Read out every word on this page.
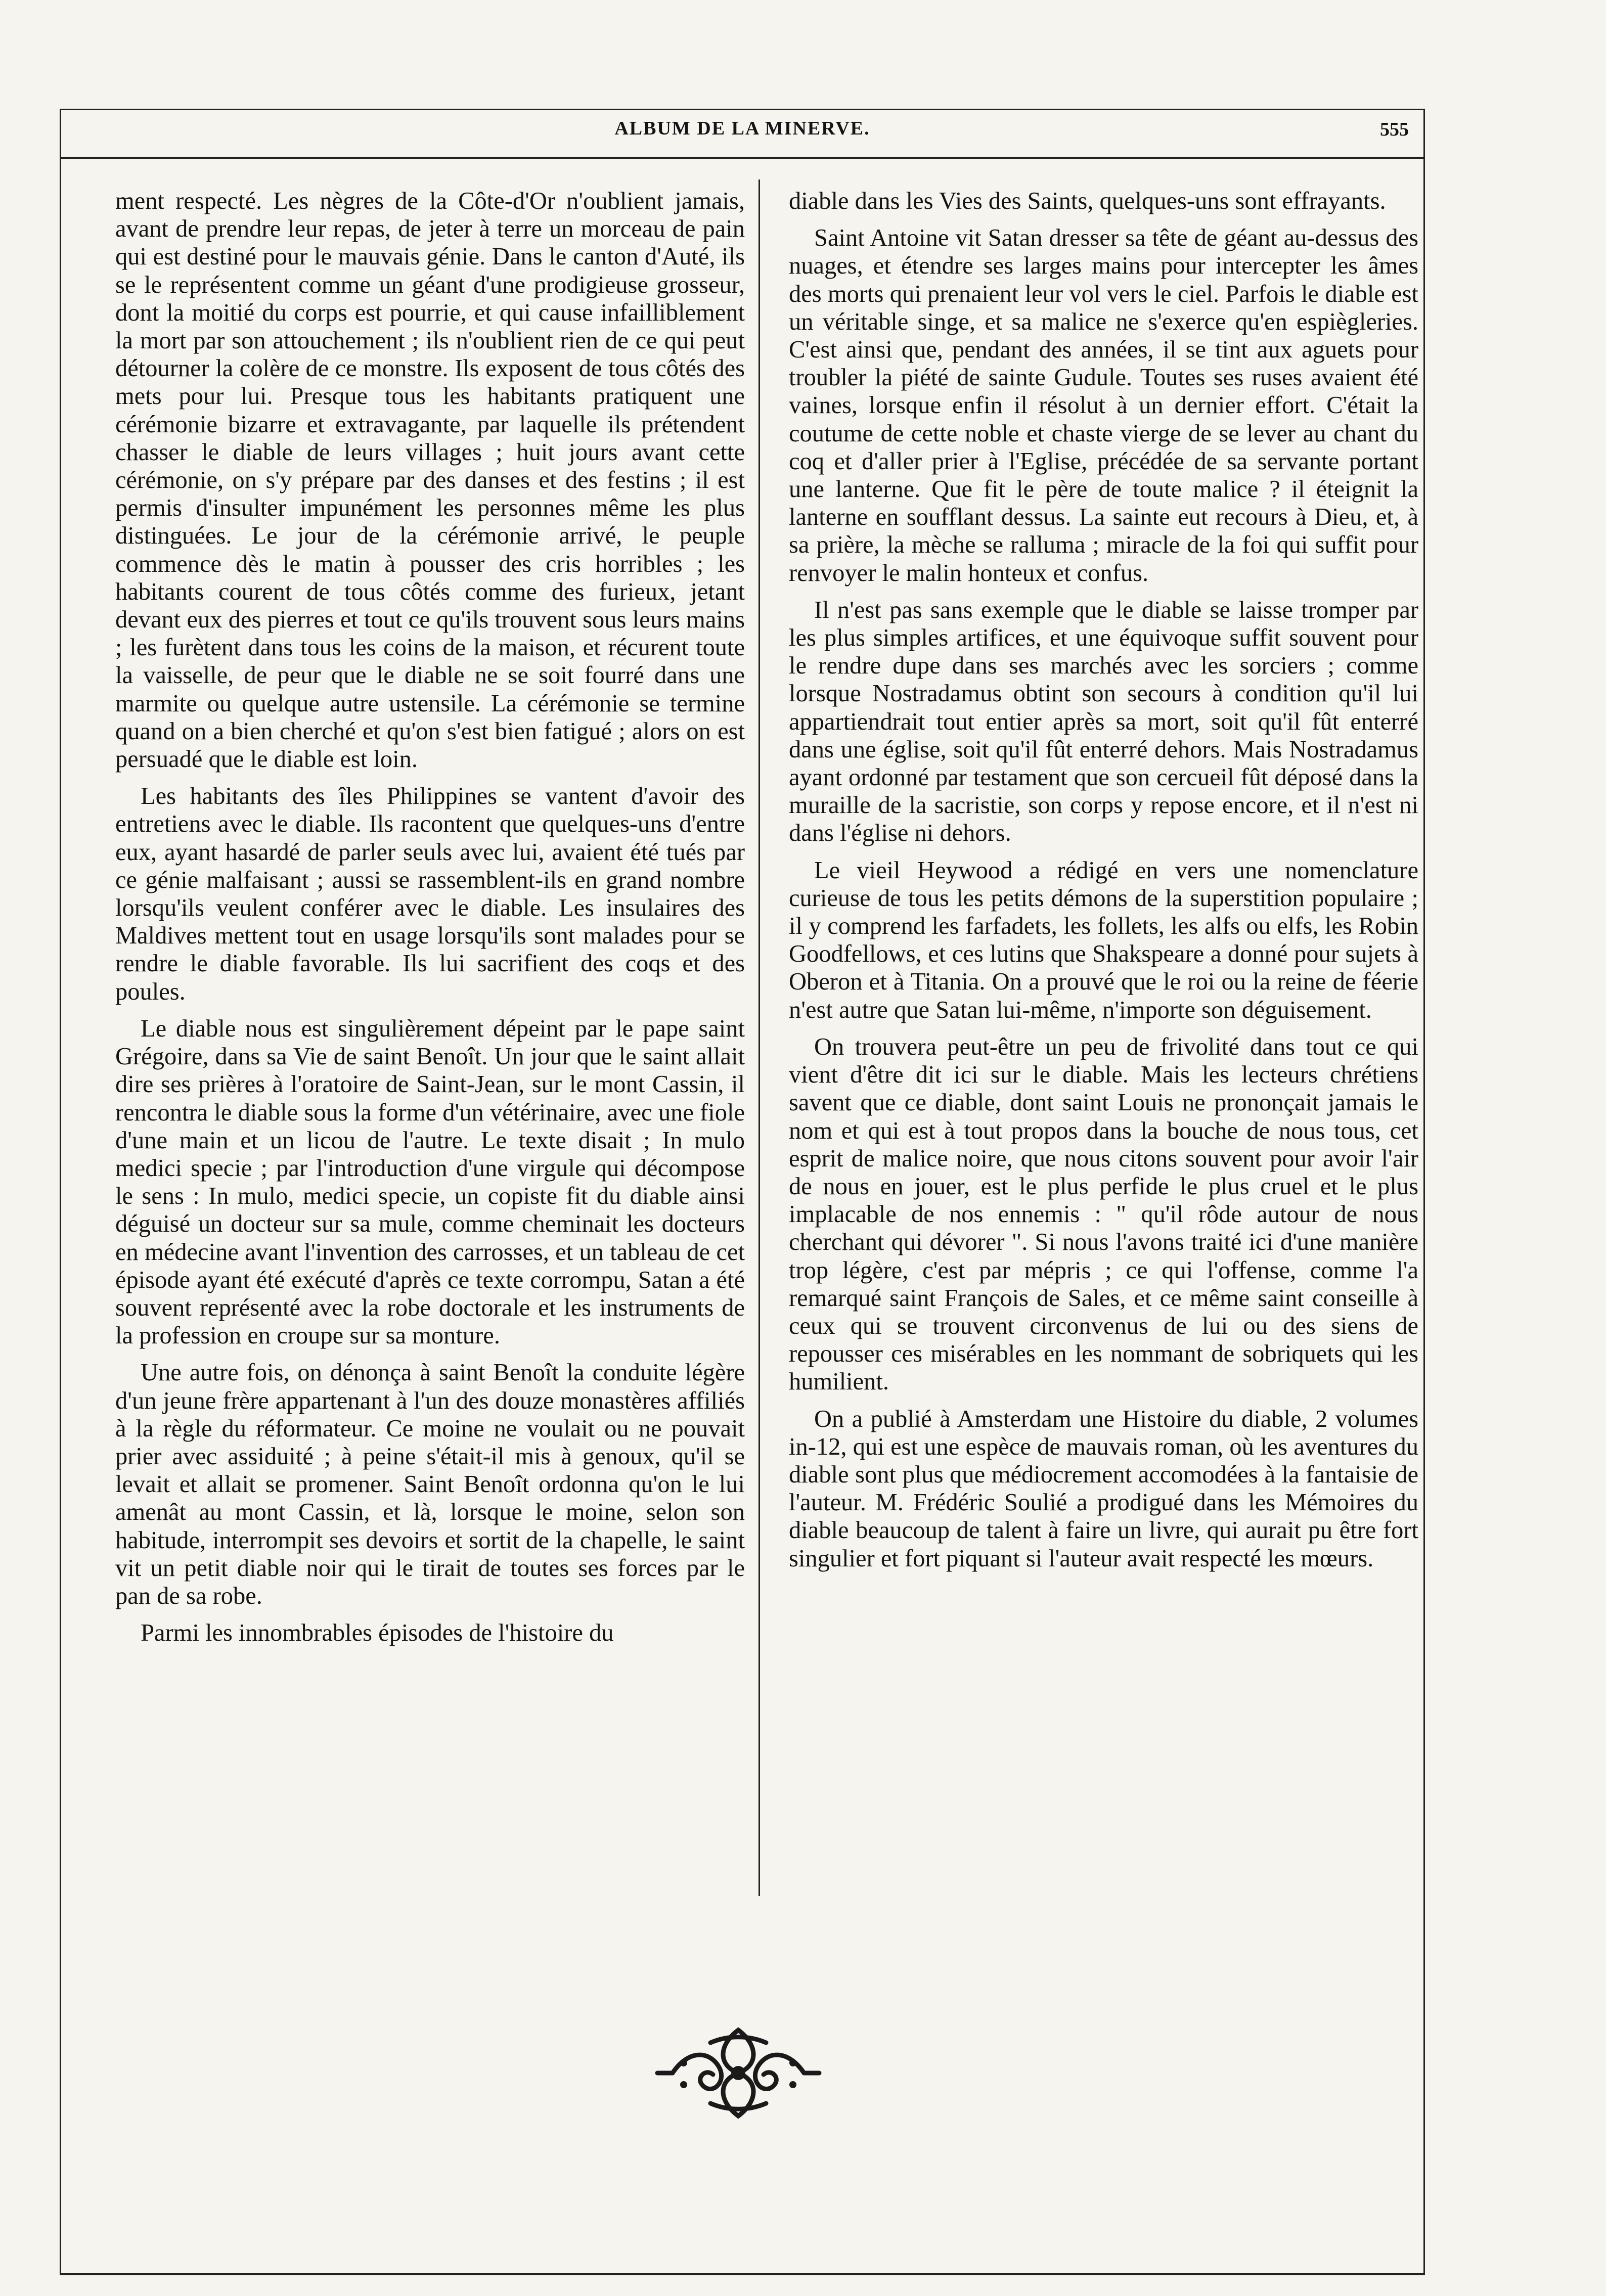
ALBUM DE LA MINERVE.	555

ment respecté. Les nègres de la Côte-d'Or n'oublient jamais, avant de prendre leur repas, de jeter à terre un morceau de pain qui est destiné pour le mauvais génie. Dans le canton d'Auté, ils se le représentent comme un géant d'une prodigieuse grosseur, dont la moitié du corps est pourrie, et qui cause infailliblement la mort par son attouchement ; ils n'oublient rien de ce qui peut détourner la colère de ce monstre. Ils exposent de tous côtés des mets pour lui. Presque tous les habitants pratiquent une cérémonie bizarre et extravagante, par laquelle ils prétendent chasser le diable de leurs villages ; huit jours avant cette cérémonie, on s'y prépare par des danses et des festins ; il est permis d'insulter impunément les personnes même les plus distinguées. Le jour de la cérémonie arrivé, le peuple commence dès le matin à pousser des cris horribles ; les habitants courent de tous côtés comme des furieux, jetant devant eux des pierres et tout ce qu'ils trouvent sous leurs mains ; les furètent dans tous les coins de la maison, et récurent toute la vaisselle, de peur que le diable ne se soit fourré dans une marmite ou quelque autre ustensile. La cérémonie se termine quand on a bien cherché et qu'on s'est bien fatigué ; alors on est persuadé que le diable est loin.

Les habitants des îles Philippines se vantent d'avoir des entretiens avec le diable. Ils racontent que quelques-uns d'entre eux, ayant hasardé de parler seuls avec lui, avaient été tués par ce génie malfaisant ; aussi se rassemblent-ils en grand nombre lorsqu'ils veulent conférer avec le diable. Les insulaires des Maldives mettent tout en usage lorsqu'ils sont malades pour se rendre le diable favorable. Ils lui sacrifient des coqs et des poules.

Le diable nous est singulièrement dépeint par le pape saint Grégoire, dans sa Vie de saint Benoît. Un jour que le saint allait dire ses prières à l'oratoire de Saint-Jean, sur le mont Cassin, il rencontra le diable sous la forme d'un vétérinaire, avec une fiole d'une main et un licou de l'autre. Le texte disait ; In mulo medici specie ; par l'introduction d'une virgule qui décompose le sens : In mulo, medici specie, un copiste fit du diable ainsi déguisé un docteur sur sa mule, comme cheminait les docteurs en médecine avant l'invention des carrosses, et un tableau de cet épisode ayant été exécuté d'après ce texte corrompu, Satan a été souvent représenté avec la robe doctorale et les instruments de la profession en croupe sur sa monture.

Une autre fois, on dénonça à saint Benoît la conduite légère d'un jeune frère appartenant à l'un des douze monastères affiliés à la règle du réformateur. Ce moine ne voulait ou ne pouvait prier avec assiduité ; à peine s'était-il mis à genoux, qu'il se levait et allait se promener. Saint Benoît ordonna qu'on le lui amenât au mont Cassin, et là, lorsque le moine, selon son habitude, interrompit ses devoirs et sortit de la chapelle, le saint vit un petit diable noir qui le tirait de toutes ses forces par le pan de sa robe.

Parmi les innombrables épisodes de l'histoire du

diable dans les Vies des Saints, quelques-uns sont effrayants.

Saint Antoine vit Satan dresser sa tête de géant au-dessus des nuages, et étendre ses larges mains pour intercepter les âmes des morts qui prenaient leur vol vers le ciel. Parfois le diable est un véritable singe, et sa malice ne s'exerce qu'en espiègleries. C'est ainsi que, pendant des années, il se tint aux aguets pour troubler la piété de sainte Gudule. Toutes ses ruses avaient été vaines, lorsque enfin il résolut à un dernier effort. C'était la coutume de cette noble et chaste vierge de se lever au chant du coq et d'aller prier à l'Eglise, précédée de sa servante portant une lanterne. Que fit le père de toute malice ? il éteignit la lanterne en soufflant dessus. La sainte eut recours à Dieu, et, à sa prière, la mèche se ralluma ; miracle de la foi qui suffit pour renvoyer le malin honteux et confus.

Il n'est pas sans exemple que le diable se laisse tromper par les plus simples artifices, et une équivoque suffit souvent pour le rendre dupe dans ses marchés avec les sorciers ; comme lorsque Nostradamus obtint son secours à condition qu'il lui appartiendrait tout entier après sa mort, soit qu'il fût enterré dans une église, soit qu'il fût enterré dehors. Mais Nostradamus ayant ordonné par testament que son cercueil fût déposé dans la muraille de la sacristie, son corps y repose encore, et il n'est ni dans l'église ni dehors.

Le vieil Heywood a rédigé en vers une nomenclature curieuse de tous les petits démons de la superstition populaire ; il y comprend les farfadets, les follets, les alfs ou elfs, les Robin Goodfellows, et ces lutins que Shakspeare a donné pour sujets à Oberon et à Titania. On a prouvé que le roi ou la reine de féerie n'est autre que Satan lui-même, n'importe son déguisement.

On trouvera peut-être un peu de frivolité dans tout ce qui vient d'être dit ici sur le diable. Mais les lecteurs chrétiens savent que ce diable, dont saint Louis ne prononçait jamais le nom et qui est à tout propos dans la bouche de nous tous, cet esprit de malice noire, que nous citons souvent pour avoir l'air de nous en jouer, est le plus perfide le plus cruel et le plus implacable de nos ennemis : " qu'il rôde autour de nous cherchant qui dévorer ". Si nous l'avons traité ici d'une manière trop légère, c'est par mépris ; ce qui l'offense, comme l'a remarqué saint François de Sales, et ce même saint conseille à ceux qui se trouvent circonvenus de lui ou des siens de repousser ces misérables en les nommant de sobriquets qui les humilient.

On a publié à Amsterdam une Histoire du diable, 2 volumes in-12, qui est une espèce de mauvais roman, où les aventures du diable sont plus que médiocrement accomodées à la fantaisie de l'auteur. M. Frédéric Soulié a prodigué dans les Mémoires du diable beaucoup de talent à faire un livre, qui aurait pu être fort singulier et fort piquant si l'auteur avait respecté les mœurs.
